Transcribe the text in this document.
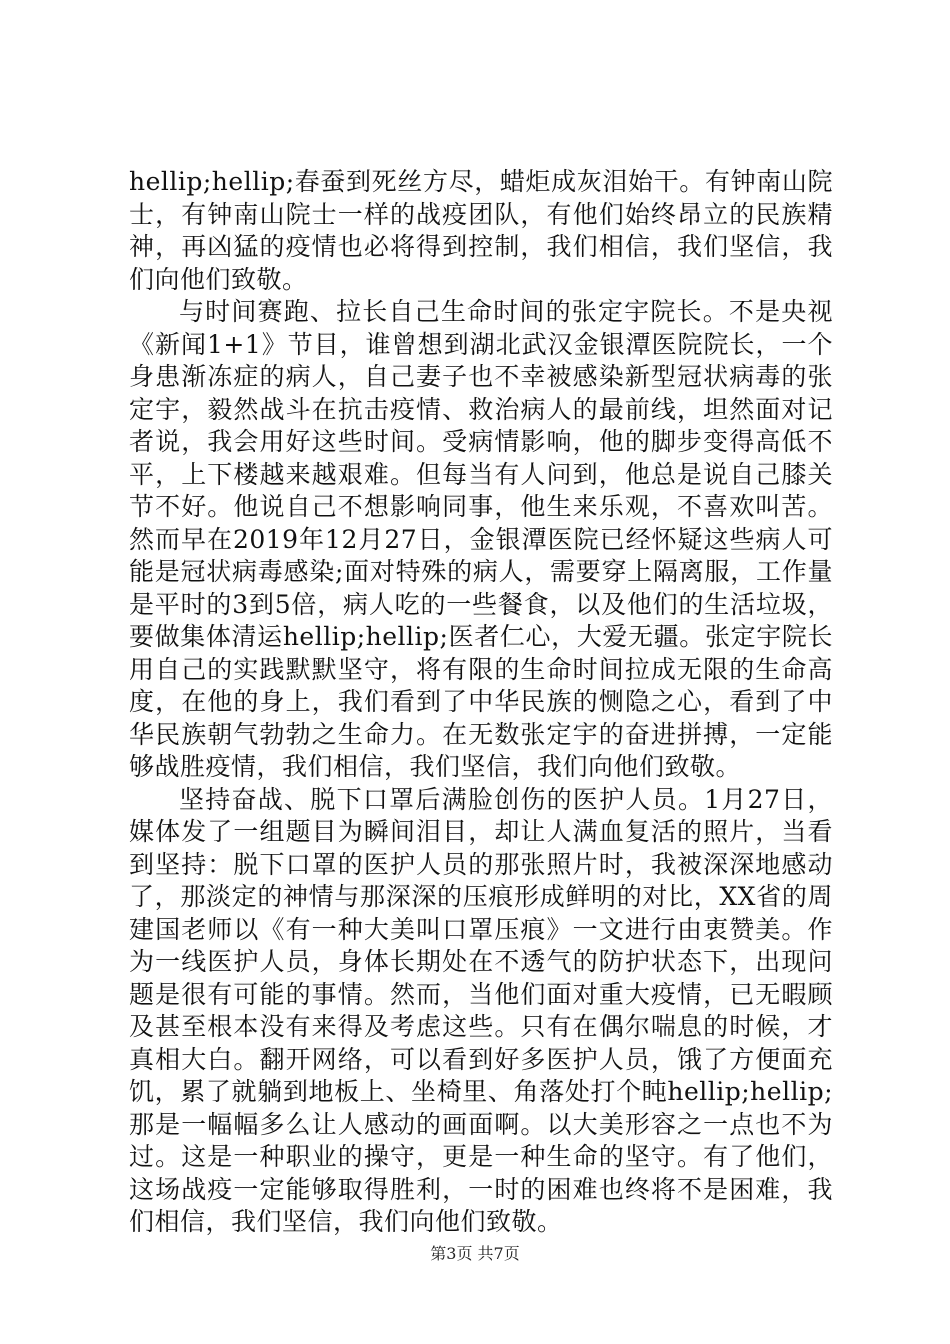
hellip;hellip;春蚕到死丝方尽，蜡炬成灰泪始干。有钟南山院士，有钟南山院士一样的战疫团队，有他们始终昂立的民族精神，再凶猛的疫情也必将得到控制，我们相信，我们坚信，我们向他们致敬。

与时间赛跑、拉长自己生命时间的张定宇院长。不是央视《新闻1+1》节目，谁曾想到湖北武汉金银潭医院院长，一个身患渐冻症的病人，自己妻子也不幸被感染新型冠状病毒的张定宇，毅然战斗在抗击疫情、救治病人的最前线，坦然面对记者说，我会用好这些时间。受病情影响，他的脚步变得高低不平，上下楼越来越艰难。但每当有人问到，他总是说自己膝关节不好。他说自己不想影响同事，他生来乐观，不喜欢叫苦。然而早在2019年12月27日，金银潭医院已经怀疑这些病人可能是冠状病毒感染;面对特殊的病人，需要穿上隔离服，工作量是平时的3到5倍，病人吃的一些餐食，以及他们的生活垃圾，要做集体清运hellip;hellip;医者仁心，大爱无疆。张定宇院长用自己的实践默默坚守，将有限的生命时间拉成无限的生命高度，在他的身上，我们看到了中华民族的恻隐之心，看到了中华民族朝气勃勃之生命力。在无数张定宇的奋进拼搏，一定能够战胜疫情，我们相信，我们坚信，我们向他们致敬。

坚持奋战、脱下口罩后满脸创伤的医护人员。1月27日，媒体发了一组题目为瞬间泪目，却让人满血复活的照片，当看到坚持：脱下口罩的医护人员的那张照片时，我被深深地感动了，那淡定的神情与那深深的压痕形成鲜明的对比，XX省的周建国老师以《有一种大美叫口罩压痕》一文进行由衷赞美。作为一线医护人员，身体长期处在不透气的防护状态下，出现问题是很有可能的事情。然而，当他们面对重大疫情，已无暇顾及甚至根本没有来得及考虑这些。只有在偶尔喘息的时候，才真相大白。翻开网络，可以看到好多医护人员，饿了方便面充饥，累了就躺到地板上、坐椅里、角落处打个盹hellip;hellip;那是一幅幅多么让人感动的画面啊。以大美形容之一点也不为过。这是一种职业的操守，更是一种生命的坚守。有了他们，这场战疫一定能够取得胜利，一时的困难也终将不是困难，我们相信，我们坚信，我们向他们致敬。

第3页 共7页
